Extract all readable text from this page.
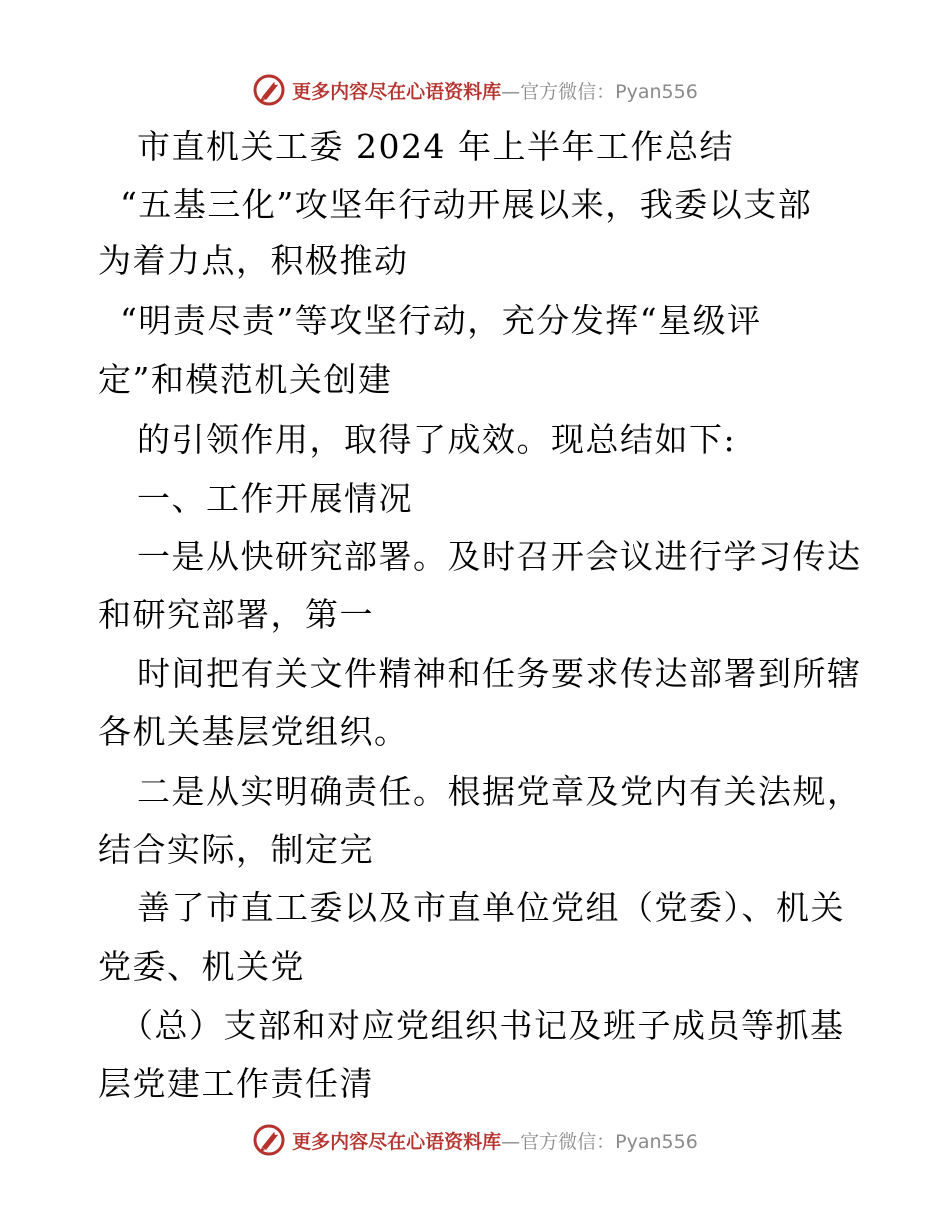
更多内容尽在心语资料库—官方微信：Pyan556
市直机关工委 2024 年上半年工作总结
“五基三化”攻坚年行动开展以来，我委以支部
为着力点，积极推动
“明责尽责”等攻坚行动，充分发挥“星级评
定”和模范机关创建
的引领作用，取得了成效。现总结如下:
一、工作开展情况
一是从快研究部署。及时召开会议进行学习传达
和研究部署，第一
时间把有关文件精神和任务要求传达部署到所辖
各机关基层党组织。
二是从实明确责任。根据党章及党内有关法规，
结合实际，制定完
善了市直工委以及市直单位党组（党委）、机关
党委、机关党
（总）支部和对应党组织书记及班子成员等抓基
层党建工作责任清
更多内容尽在心语资料库—官方微信：Pyan556
